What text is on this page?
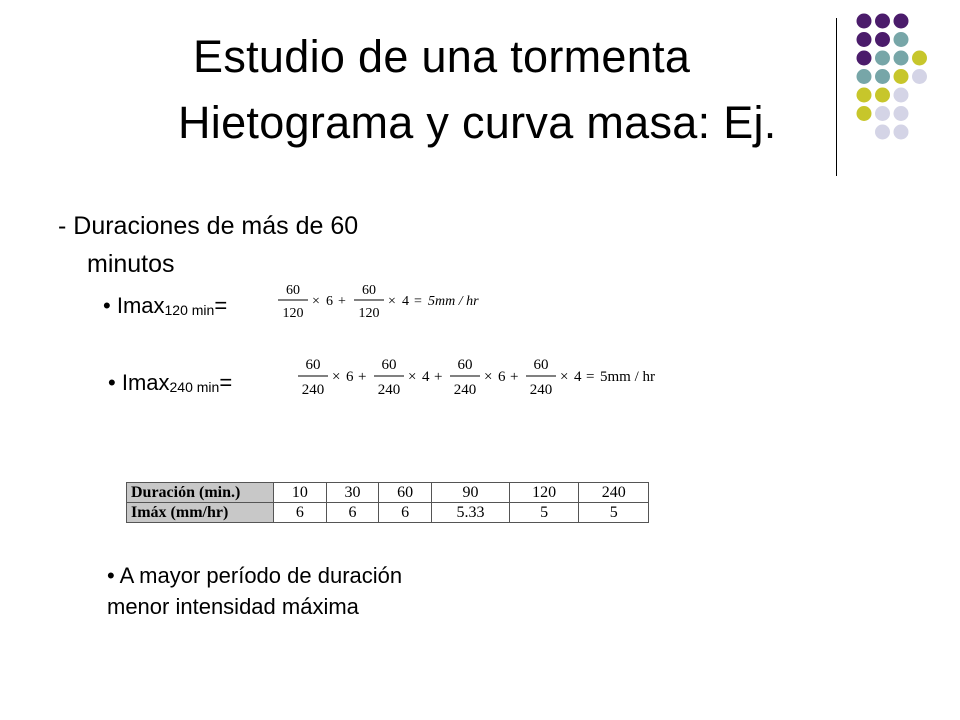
Estudio de una tormenta
Hietograma y curva masa: Ej.
- Duraciones de más de 60
minutos
• Imax$_{120 min}$=
60
120
× 6 +
60
120
× 4 = 5mm / hr
• Imax$_{240 min}$=
60
240
× 6 +
60
240
× 4 +
60
240
× 6 +
60
240
× 4 = 5mm / hr
Duración (min.)	10	30	60	90	120	240
Imáx (mm/hr)	6	6	6	5.33	5	5
• A mayor período de duración
menor intensidad máxima
